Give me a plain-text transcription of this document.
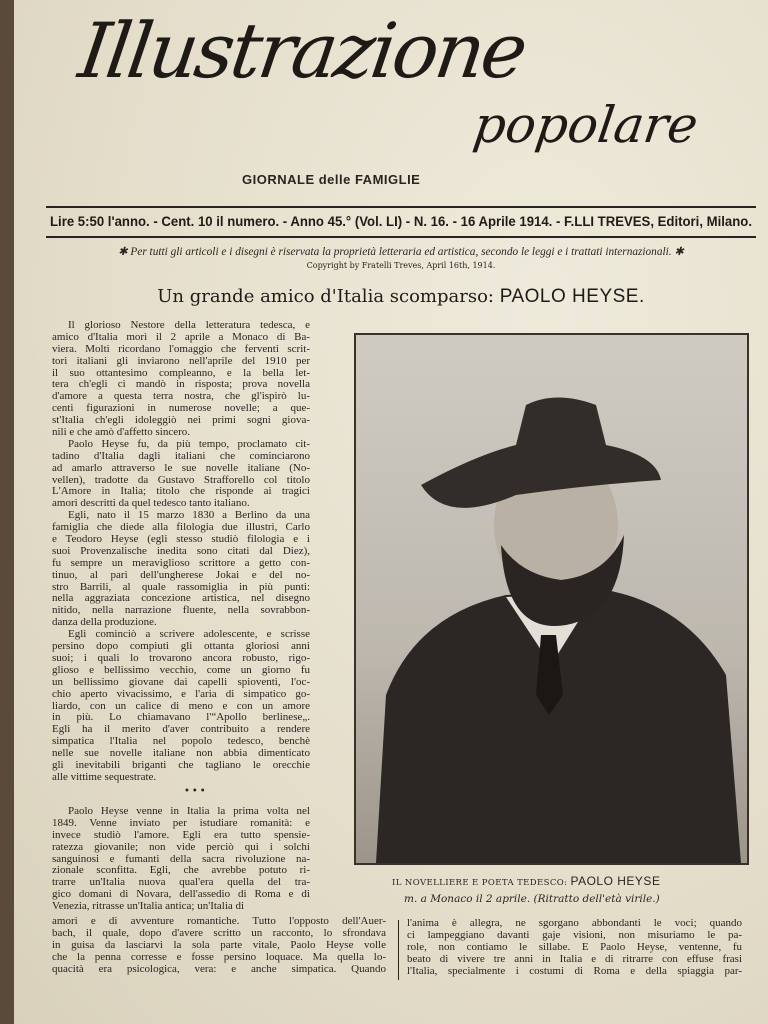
Illustrazione
popolare
GIORNALE delle FAMIGLIE
Lire 5:50 l'anno. - Cent. 10 il numero. - Anno 45.° (Vol. LI) - N. 16. - 16 Aprile 1914. - F.LLI TREVES, Editori, Milano.
✱ Per tutti gli articoli e i disegni è riservata la proprietà letteraria ed artistica, secondo le leggi e i trattati internazionali. ✱
Copyright by Fratelli Treves, April 16th, 1914.
Un grande amico d'Italia scomparso: PAOLO HEYSE.
Il glorioso Nestore della letteratura tedesca, e
amico d'Italia morì il 2 aprile a Monaco di Ba-
viera. Molti ricordano l'omaggio che ferventi scrit-
tori italiani gli inviarono nell'aprile del 1910 per
il suo ottantesimo compleanno, e la bella let-
tera ch'egli ci mandò in risposta; prova novella
d'amore a questa terra nostra, che gl'ispirò lu-
centi figurazioni in numerose novelle; a que-
st'Italia ch'egli idoleggiò nei primi sogni giova-
nili e che amò d'affetto sincero.
Paolo Heyse fu, da più tempo, proclamato cit-
tadino d'Italia dagli italiani che cominciarono
ad amarlo attraverso le sue novelle italiane (No-
vellen), tradotte da Gustavo Strafforello col titolo
L'Amore in Italia; titolo che risponde ai tragici
amori descritti da quel tedesco tanto italiano.
Egli, nato il 15 marzo 1830 a Berlino da una
famiglia che diede alla filologia due illustri, Carlo
e Teodoro Heyse (egli stesso studiò filologia e i
suoi Provenzalische inedita sono citati dal Diez),
fu sempre un meraviglioso scrittore a getto con-
tinuo, al pari dell'ungherese Jokai e del no-
stro Barrili, al quale rassomiglia in più punti:
nella aggraziata concezione artistica, nel disegno
nitido, nella narrazione fluente, nella sovrabbon-
danza della produzione.
Egli cominciò a scrivere adolescente, e scrisse
persino dopo compiuti gli ottanta gloriosi anni
suoi; i quali lo trovarono ancora robusto, rigo-
glioso e bellissimo vecchio, come un giorno fu
un bellissimo giovane dai capelli spioventi, l'oc-
chio aperto vivacissimo, e l'aria di simpatico go-
liardo, con un calice di meno e con un amore
in più. Lo chiamavano l'“Apollo berlinese„.
Egli ha il merito d'aver contribuito a rendere
simpatica l'Italia nel popolo tedesco, benchè
nelle sue novelle italiane non abbia dimenticato
gli inevitabili briganti che tagliano le orecchie
alle vittime sequestrate.
•••
Paolo Heyse venne in Italia la prima volta nel
1849. Venne inviato per istudiare romanità: e
invece studiò l'amore. Egli era tutto spensie-
ratezza giovanile; non vide perciò qui i solchi
sanguinosi e fumanti della sacra rivoluzione na-
zionale sconfitta. Egli, che avrebbe potuto ri-
trarre un'Italia nuova qual'era quella del tra-
gico domani di Novara, dell'assedio di Roma e di
Venezia, ritrasse un'Italia antica; un'Italia di
amori e di avventure romantiche. Tutto l'opposto dell'Auer-
bach, il quale, dopo d'avere scritto un racconto, lo sfrondava
in guisa da lasciarvi la sola parte vitale, Paolo Heyse volle
che la penna corresse e fosse persino loquace. Ma quella lo-
quacità era psicologica, vera: e anche simpatica. Quando
l'anima è allegra, ne sgorgano abbondanti le voci; quando
ci lampeggiano davanti gaje visioni, non misuriamo le pa-
role, non contiamo le sillabe. E Paolo Heyse, ventenne, fu
beato di vivere tre anni in Italia e di ritrarre con effuse frasi
l'Italia, specialmente i costumi di Roma e della spiaggia par-
IL NOVELLIERE E POETA TEDESCO: PAOLO HEYSE
m. a Monaco il 2 aprile. (Ritratto dell'età virile.)
